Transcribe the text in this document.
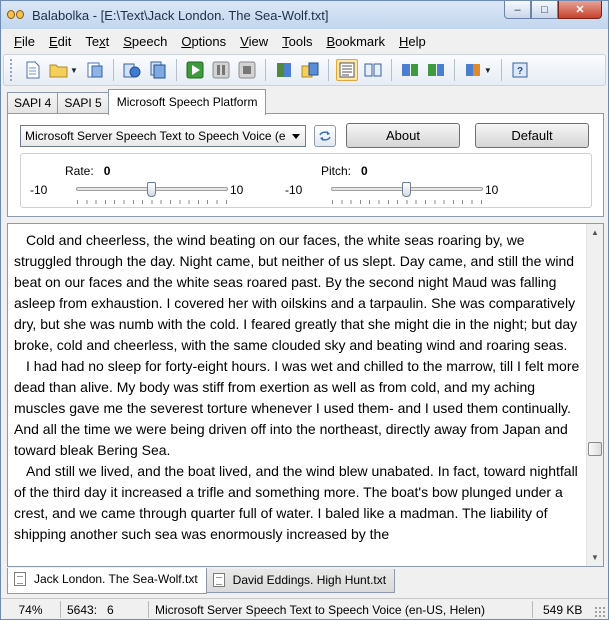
Balabolka - [E:\Text\Jack London. The Sea-Wolf.txt]	–	□	✕
File	Edit	Text	Speech	Options	View	Tools	Bookmark	Help
▼	▼ ?
SAPI 4	SAPI 5	Microsoft Speech Platform
Microsoft Server Speech Text to Speech Voice (e	About	Default
Rate: 0
-10	10
Pitch: 0
-10	10

Cold and cheerless, the wind beating on our faces, the white seas roaring by, we struggled through the day. Night came, but neither of us slept. Day came, and still the wind beat on our faces and the white seas roared past. By the second night Maud was falling asleep from exhaustion. I covered her with oilskins and a tarpaulin. She was comparatively dry, but she was numb with the cold. I feared greatly that she might die in the night; but day broke, cold and cheerless, with the same clouded sky and beating wind and roaring seas.

I had had no sleep for forty-eight hours. I was wet and chilled to the marrow, till I felt more dead than alive. My body was stiff from exertion as well as from cold, and my aching muscles gave me the severest torture whenever I used them- and I used them continually. And all the time we were being driven off into the northeast, directly away from Japan and toward bleak Bering Sea.

And still we lived, and the boat lived, and the wind blew unabated. In fact, toward nightfall of the third day it increased a trifle and something more. The boat's bow plunged under a crest, and we came through quarter full of water. I baled like a madman. The liability of shipping another such sea was enormously increased by the

▲
▼
Jack London. The Sea-Wolf.txt	David Eddings. High Hunt.txt
74%	5643: 6	Microsoft Server Speech Text to Speech Voice (en-US, Helen)	549 KB
